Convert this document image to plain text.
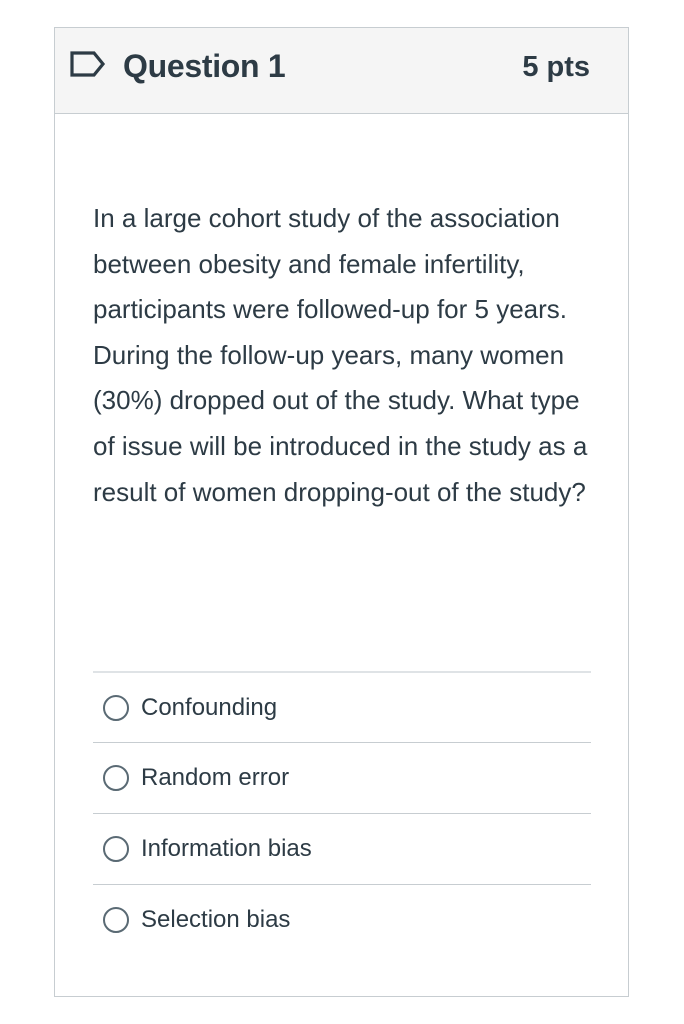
Question 1	5 pts
In a large cohort study of the association between obesity and female infertility, participants were followed-up for 5 years. During the follow-up years, many women (30%) dropped out of the study. What type of issue will be introduced in the study as a result of women dropping-out of the study?
Confounding
Random error
Information bias
Selection bias
